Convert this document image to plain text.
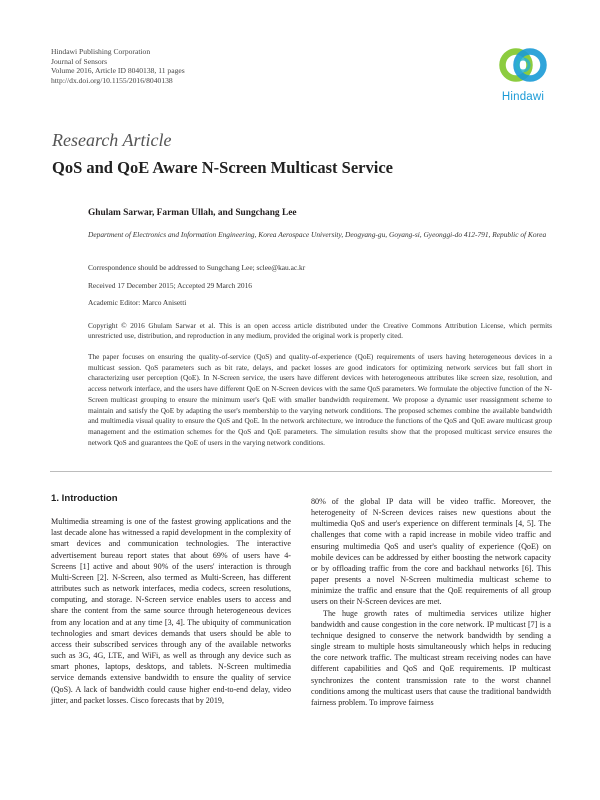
Hindawi Publishing Corporation
Journal of Sensors
Volume 2016, Article ID 8040138, 11 pages
http://dx.doi.org/10.1155/2016/8040138
Hindawi
Research Article
QoS and QoE Aware N-Screen Multicast Service
Ghulam Sarwar, Farman Ullah, and Sungchang Lee
Department of Electronics and Information Engineering, Korea Aerospace University, Deogyang-gu, Goyang-si, Gyeonggi-do 412-791, Republic of Korea
Correspondence should be addressed to Sungchang Lee; sclee@kau.ac.kr
Received 17 December 2015; Accepted 29 March 2016
Academic Editor: Marco Anisetti
Copyright © 2016 Ghulam Sarwar et al. This is an open access article distributed under the Creative Commons Attribution License, which permits unrestricted use, distribution, and reproduction in any medium, provided the original work is properly cited.
The paper focuses on ensuring the quality-of-service (QoS) and quality-of-experience (QoE) requirements of users having heterogeneous devices in a multicast session. QoS parameters such as bit rate, delays, and packet losses are good indicators for optimizing network services but fall short in characterizing user perception (QoE). In N-Screen service, the users have different devices with heterogeneous attributes like screen size, resolution, and access network interface, and the users have different QoE on N-Screen devices with the same QoS parameters. We formulate the objective function of the N-Screen multicast grouping to ensure the minimum user's QoE with smaller bandwidth requirement. We propose a dynamic user reassignment scheme to maintain and satisfy the QoE by adapting the user's membership to the varying network conditions. The proposed schemes combine the available bandwidth and multimedia visual quality to ensure the QoS and QoE. In the network architecture, we introduce the functions of the QoS and QoE aware multicast group management and the estimation schemes for the QoS and QoE parameters. The simulation results show that the proposed multicast service ensures the network QoS and guarantees the QoE of users in the varying network conditions.
1. Introduction

Multimedia streaming is one of the fastest growing applications and the last decade alone has witnessed a rapid development in the complexity of smart devices and communication technologies. The interactive advertisement bureau report states that about 69% of users have 4-Screens [1] active and about 90% of the users' interaction is through Multi-Screen [2]. N-Screen, also termed as Multi-Screen, has different attributes such as network interfaces, media codecs, screen resolutions, computing, and storage. N-Screen service enables users to access and share the content from the same source through heterogeneous devices from any location and at any time [3, 4]. The ubiquity of communication technologies and smart devices demands that users should be able to access their subscribed services through any of the available networks such as 3G, 4G, LTE, and WiFi, as well as through any device such as smart phones, laptops, desktops, and tablets. N-Screen multimedia service demands extensive bandwidth to ensure the quality of service (QoS). A lack of bandwidth could cause higher end-to-end delay, video jitter, and packet losses. Cisco forecasts that by 2019,

80% of the global IP data will be video traffic. Moreover, the heterogeneity of N-Screen devices raises new questions about the multimedia QoS and user's experience on different terminals [4, 5]. The challenges that come with a rapid increase in mobile video traffic and ensuring multimedia QoS and user's quality of experience (QoE) on mobile devices can be addressed by either boosting the network capacity or by offloading traffic from the core and backhaul networks [6]. This paper presents a novel N-Screen multimedia multicast scheme to minimize the traffic and ensure that the QoE requirements of all group users on their N-Screen devices are met.

The huge growth rates of multimedia services utilize higher bandwidth and cause congestion in the core network. IP multicast [7] is a technique designed to conserve the network bandwidth by sending a single stream to multiple hosts simultaneously which helps in reducing the core network traffic. The multicast stream receiving nodes can have different capabilities and QoS and QoE requirements. IP multicast synchronizes the content transmission rate to the worst channel conditions among the multicast users that cause the traditional bandwidth fairness problem. To improve fairness
